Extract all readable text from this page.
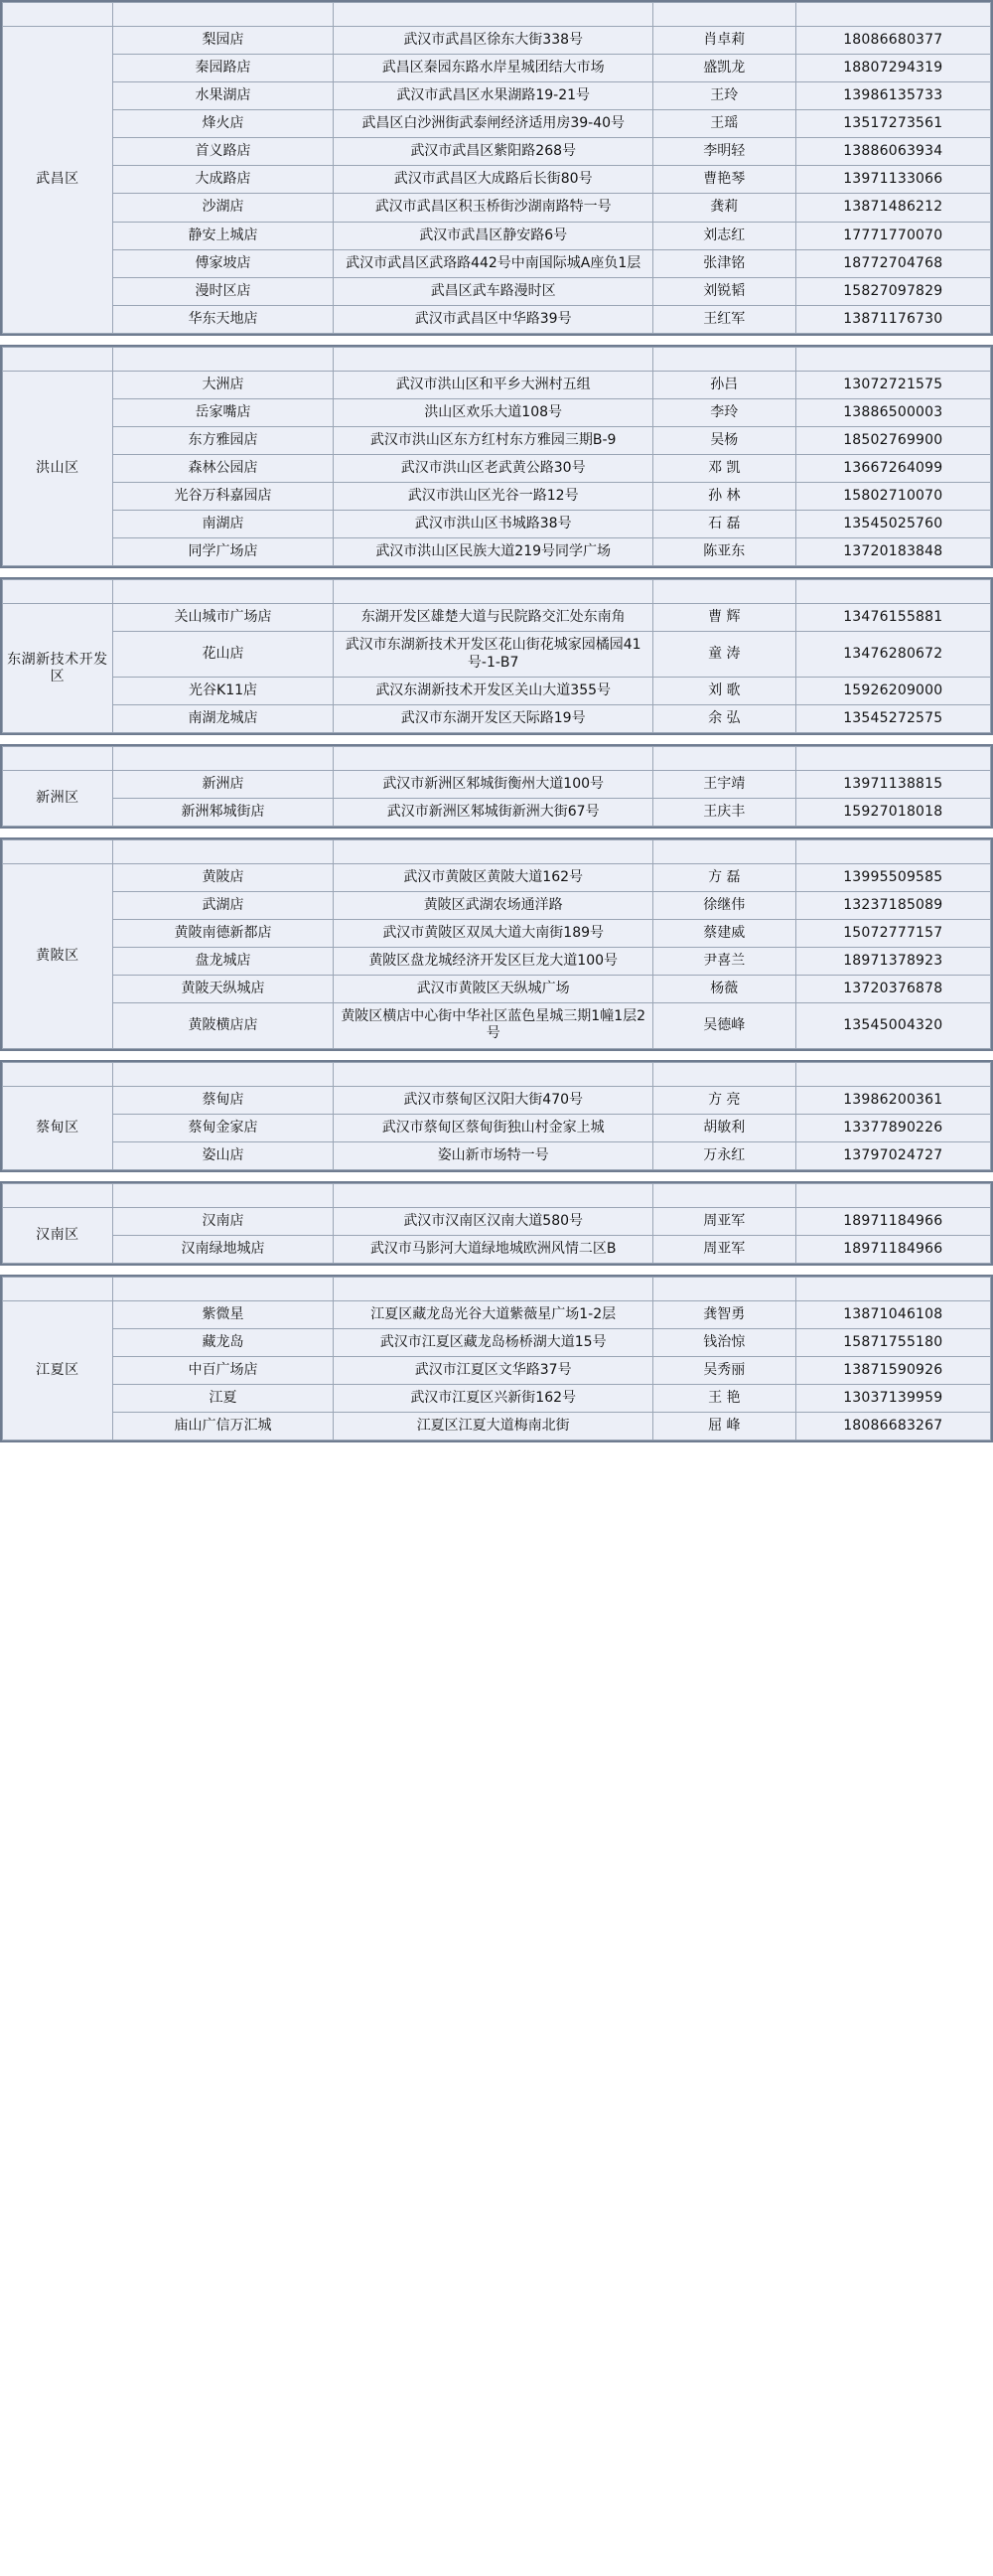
武昌区	梨园店	武汉市武昌区徐东大街338号	肖卓莉	18086680377
	秦园路店	武昌区秦园东路水岸星城团结大市场	盛凯龙	18807294319
	水果湖店	武汉市武昌区水果湖路19-21号	王玲	13986135733
	烽火店	武昌区白沙洲街武泰闸经济适用房39-40号	王瑶	13517273561
	首义路店	武汉市武昌区紫阳路268号	李明轻	13886063934
	大成路店	武汉市武昌区大成路后长街80号	曹艳琴	13971133066
	沙湖店	武汉市武昌区积玉桥街沙湖南路特一号	龚莉	13871486212
	静安上城店	武汉市武昌区静安路6号	刘志红	17771770070
	傅家坡店	武汉市武昌区武珞路442号中南国际城A座负1层	张津铭	18772704768
	漫时区店	武昌区武车路漫时区	刘锐韬	15827097829
	华东天地店	武汉市武昌区中华路39号	王红军	13871176730

洪山区	大洲店	武汉市洪山区和平乡大洲村五组	孙吕	13072721575
	岳家嘴店	洪山区欢乐大道108号	李玲	13886500003
	东方雅园店	武汉市洪山区东方红村东方雅园三期B-9	吴杨	18502769900
	森林公园店	武汉市洪山区老武黄公路30号	邓 凯	13667264099
	光谷万科嘉园店	武汉市洪山区光谷一路12号	孙 林	15802710070
	南湖店	武汉市洪山区书城路38号	石 磊	13545025760
	同学广场店	武汉市洪山区民族大道219号同学广场	陈亚东	13720183848

东湖新技术开发区	关山城市广场店	东湖开发区雄楚大道与民院路交汇处东南角	曹 辉	13476155881
	花山店	武汉市东湖新技术开发区花山街花城家园橘园41号-1-B7	童 涛	13476280672
	光谷K11店	武汉东湖新技术开发区关山大道355号	刘 歌	15926209000
	南湖龙城店	武汉市东湖开发区天际路19号	余 弘	13545272575

新洲区	新洲店	武汉市新洲区邾城街衡州大道100号	王宇靖	13971138815
	新洲邾城街店	武汉市新洲区邾城街新洲大街67号	王庆丰	15927018018

黄陂区	黄陂店	武汉市黄陂区黄陂大道162号	方 磊	13995509585
	武湖店	黄陂区武湖农场通洋路	徐继伟	13237185089
	黄陂南德新都店	武汉市黄陂区双凤大道大南街189号	蔡建威	15072777157
	盘龙城店	黄陂区盘龙城经济开发区巨龙大道100号	尹喜兰	18971378923
	黄陂天纵城店	武汉市黄陂区天纵城广场	杨薇	13720376878
	黄陂横店店	黄陂区横店中心街中华社区蓝色星城三期1幢1层2号	吴德峰	13545004320

蔡甸区	蔡甸店	武汉市蔡甸区汉阳大街470号	方 亮	13986200361
	蔡甸金家店	武汉市蔡甸区蔡甸街独山村金家上城	胡敏利	13377890226
	姿山店	姿山新市场特一号	万永红	13797024727

汉南区	汉南店	武汉市汉南区汉南大道580号	周亚军	18971184966
	汉南绿地城店	武汉市马影河大道绿地城欧洲风情二区B	周亚军	18971184966

江夏区	紫微星	江夏区藏龙岛光谷大道紫薇星广场1-2层	龚智勇	13871046108
	藏龙岛	武汉市江夏区藏龙岛杨桥湖大道15号	钱治惊	15871755180
	中百广场店	武汉市江夏区文华路37号	吴秀丽	13871590926
	江夏	武汉市江夏区兴新街162号	王 艳	13037139959
	庙山广信万汇城	江夏区江夏大道梅南北街	屈 峰	18086683267
